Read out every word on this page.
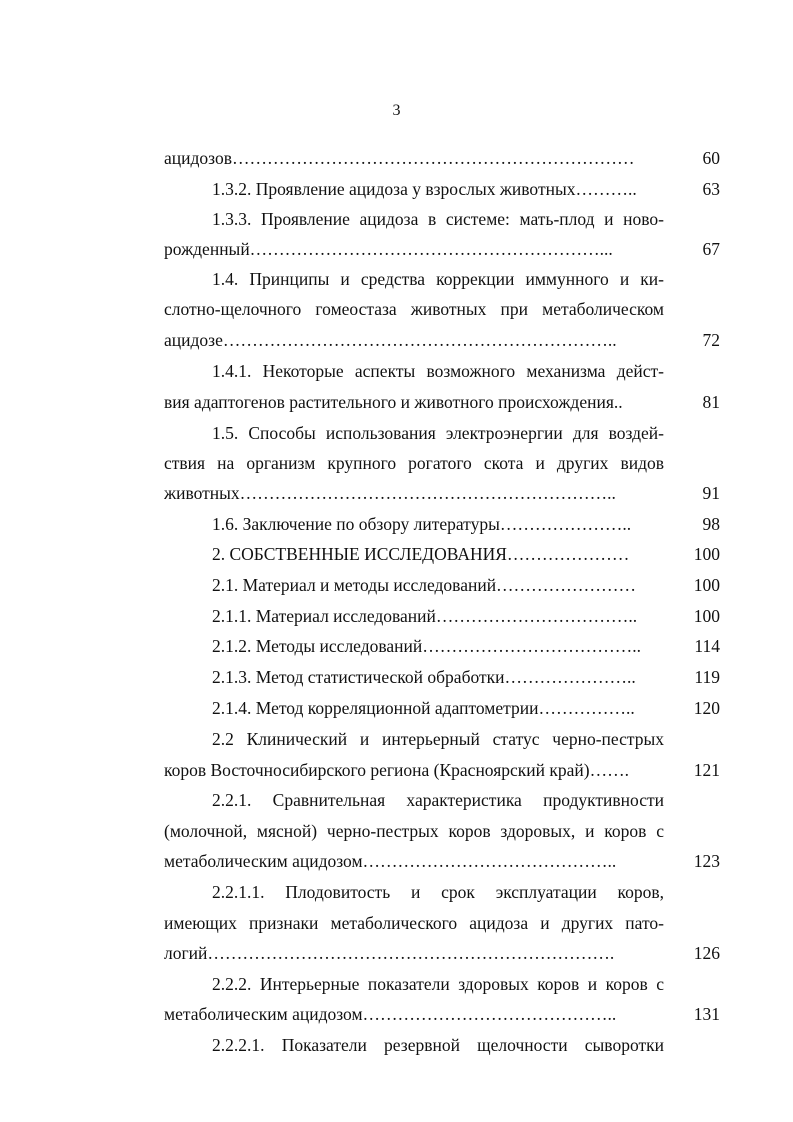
3
ацидозов……………………………………………………………	60
1.3.2. Проявление ацидоза у взрослых животных………..	63
1.3.3. Проявление ацидоза в системе: мать-плод и ново-
рожденный……………………………………………………...	67
1.4. Принципы и средства коррекции иммунного и ки-
слотно-щелочного гомеостаза животных при метаболическом
ацидозе…………………………………………………………..	72
1.4.1. Некоторые аспекты возможного механизма дейст-
вия адаптогенов растительного и животного происхождения..	81
1.5. Способы использования электроэнергии для воздей-
ствия на организм крупного рогатого скота и других видов
животных………………………………………………………..	91
1.6. Заключение по обзору литературы…………………..	98
2. СОБСТВЕННЫЕ ИССЛЕДОВАНИЯ…………………	100
2.1. Материал и методы исследований……………………	100
2.1.1. Материал исследований……………………………..	100
2.1.2. Методы исследований………………………………..	114
2.1.3. Метод статистической обработки…………………..	119
2.1.4. Метод корреляционной адаптометрии……………..	120
2.2 Клинический и интерьерный статус черно-пестрых
коров Восточносибирского региона (Красноярский край)…….	121
2.2.1. Сравнительная характеристика продуктивности
(молочной, мясной) черно-пестрых коров здоровых, и коров с
метаболическим ацидозом……………………………………..	123
2.2.1.1. Плодовитость и срок эксплуатации коров,
имеющих признаки метаболического ацидоза и других пато-
логий…………………………………………………………….	126
2.2.2. Интерьерные показатели здоровых коров и коров с
метаболическим ацидозом……………………………………..	131
2.2.2.1. Показатели резервной щелочности сыворотки
